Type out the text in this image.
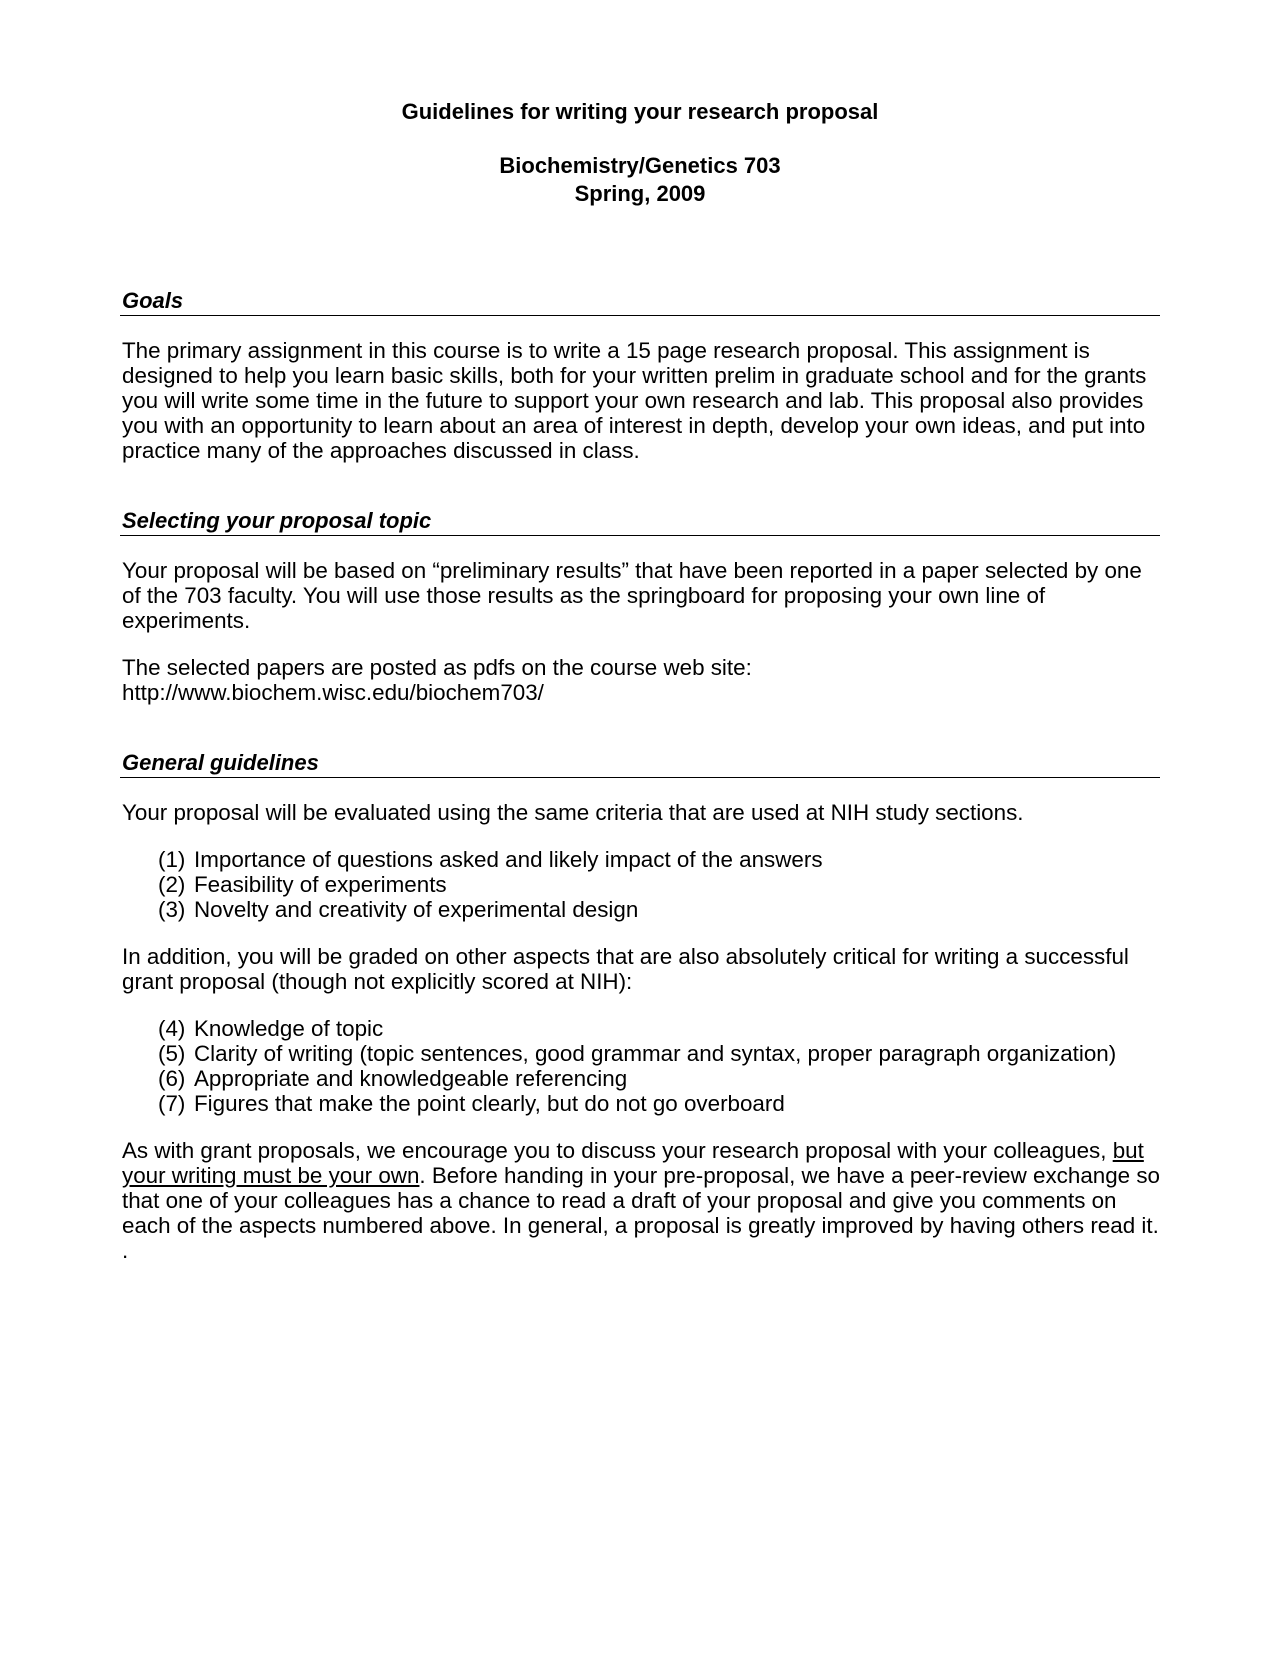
Guidelines for writing your research proposal

Biochemistry/Genetics 703

Spring, 2009

Goals

The primary assignment in this course is to write a 15 page research proposal. This assignment is designed to help you learn basic skills, both for your written prelim in graduate school and for the grants you will write some time in the future to support your own research and lab. This proposal also provides you with an opportunity to learn about an area of interest in depth, develop your own ideas, and put into practice many of the approaches discussed in class.

Selecting your proposal topic

Your proposal will be based on “preliminary results” that have been reported in a paper selected by one of the 703 faculty. You will use those results as the springboard for proposing your own line of experiments.

The selected papers are posted as pdfs on the course web site:
http://www.biochem.wisc.edu/biochem703/

General guidelines

Your proposal will be evaluated using the same criteria that are used at NIH study sections.

(1) Importance of questions asked and likely impact of the answers
(2) Feasibility of experiments
(3) Novelty and creativity of experimental design

In addition, you will be graded on other aspects that are also absolutely critical for writing a successful grant proposal (though not explicitly scored at NIH):

(4) Knowledge of topic
(5) Clarity of writing (topic sentences, good grammar and syntax, proper paragraph organization)
(6) Appropriate and knowledgeable referencing
(7) Figures that make the point clearly, but do not go overboard

As with grant proposals, we encourage you to discuss your research proposal with your colleagues, but your writing must be your own. Before handing in your pre-proposal, we have a peer-review exchange so that one of your colleagues has a chance to read a draft of your proposal and give you comments on each of the aspects numbered above. In general, a proposal is greatly improved by having others read it. .
